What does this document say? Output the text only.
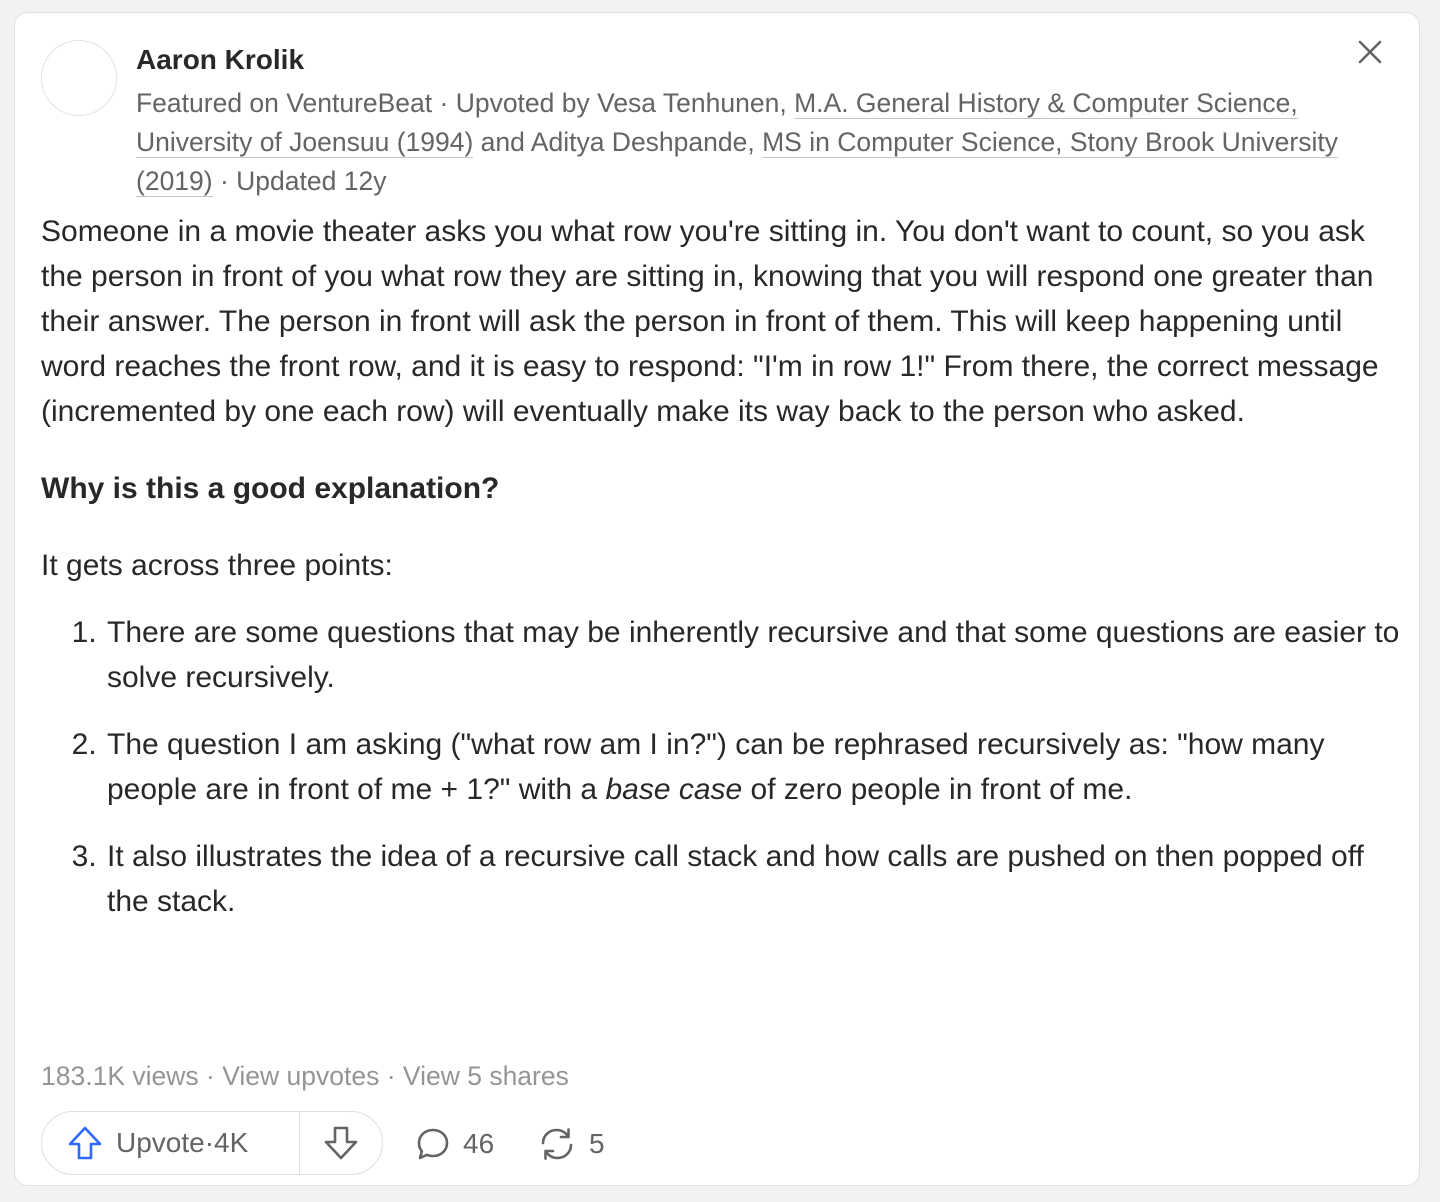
Aaron Krolik
Featured on VentureBeat · Upvoted by Vesa Tenhunen, M.A. General History & Computer Science, University of Joensuu (1994) and Aditya Deshpande, MS in Computer Science, Stony Brook University (2019) · Updated 12y

Someone in a movie theater asks you what row you're sitting in. You don't want to count, so you ask the person in front of you what row they are sitting in, knowing that you will respond one greater than their answer. The person in front will ask the person in front of them. This will keep happening until word reaches the front row, and it is easy to respond: "I'm in row 1!" From there, the correct message (incremented by one each row) will eventually make its way back to the person who asked.

Why is this a good explanation?

It gets across three points:

1. There are some questions that may be inherently recursive and that some questions are easier to solve recursively.
2. The question I am asking ("what row am I in?") can be rephrased recursively as: "how many people are in front of me + 1?" with a base case of zero people in front of me.
3. It also illustrates the idea of a recursive call stack and how calls are pushed on then popped off the stack.
183.1K views · View upvotes · View 5 shares
Upvote · 4K	46	5
